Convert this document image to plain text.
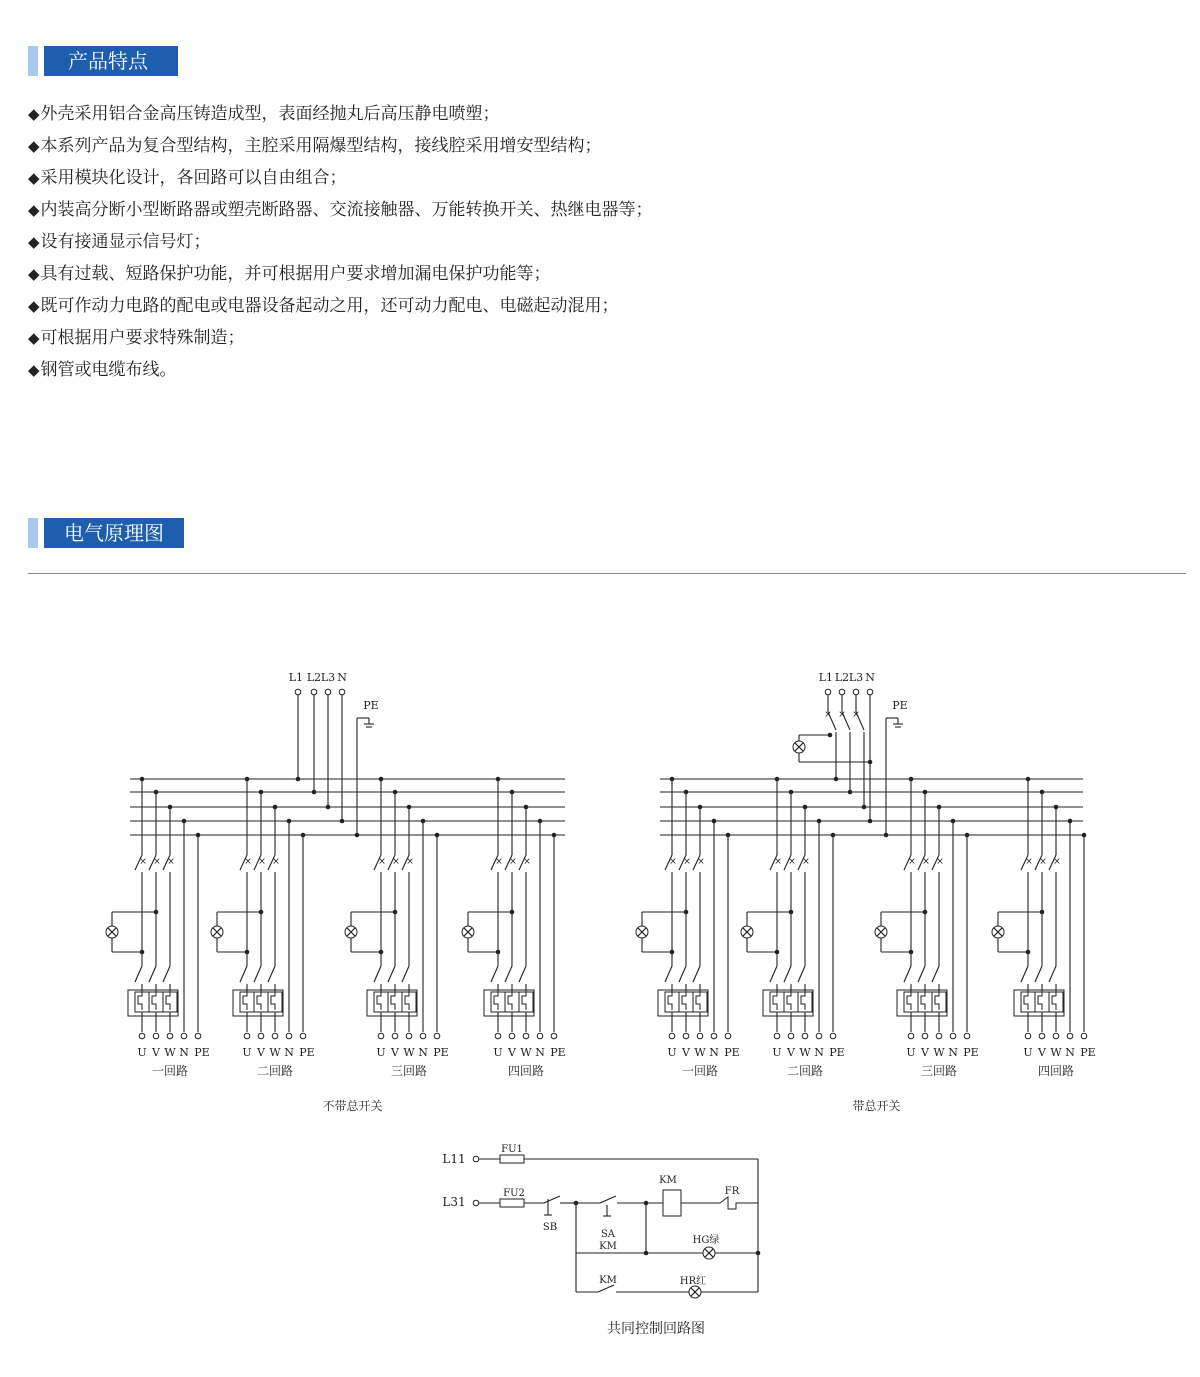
产品特点
◆外壳采用铝合金高压铸造成型，表面经抛丸后高压静电喷塑；
◆本系列产品为复合型结构，主腔采用隔爆型结构，接线腔采用增安型结构；
◆采用模块化设计，各回路可以自由组合；
◆内装高分断小型断路器或塑壳断路器、交流接触器、万能转换开关、热继电器等；
◆设有接通显示信号灯；
◆具有过载、短路保护功能，并可根据用户要求增加漏电保护功能等；
◆既可作动力电路的配电或电器设备起动之用，还可动力配电、电磁起动混用；
◆可根据用户要求特殊制造；
◆钢管或电缆布线。
电气原理图
L1 L2 L3 N
PE
× × ×
U V W N PE
一回路
× × ×
U V W N PE
二回路
× × ×
U V W N PE
三回路
× × ×
U V W N PE
四回路
不带总开关
L1 L2 L3 N
PE
× × ×
× × ×
U V W N PE
一回路
× × ×
U V W N PE
二回路
× × ×
U V W N PE
三回路
× × ×
U V W N PE
四回路
带总开关
L11
L31
FU1
FU2
SB
SA
KM
KM
FR
HG绿
KM	HR红
共同控制回路图
